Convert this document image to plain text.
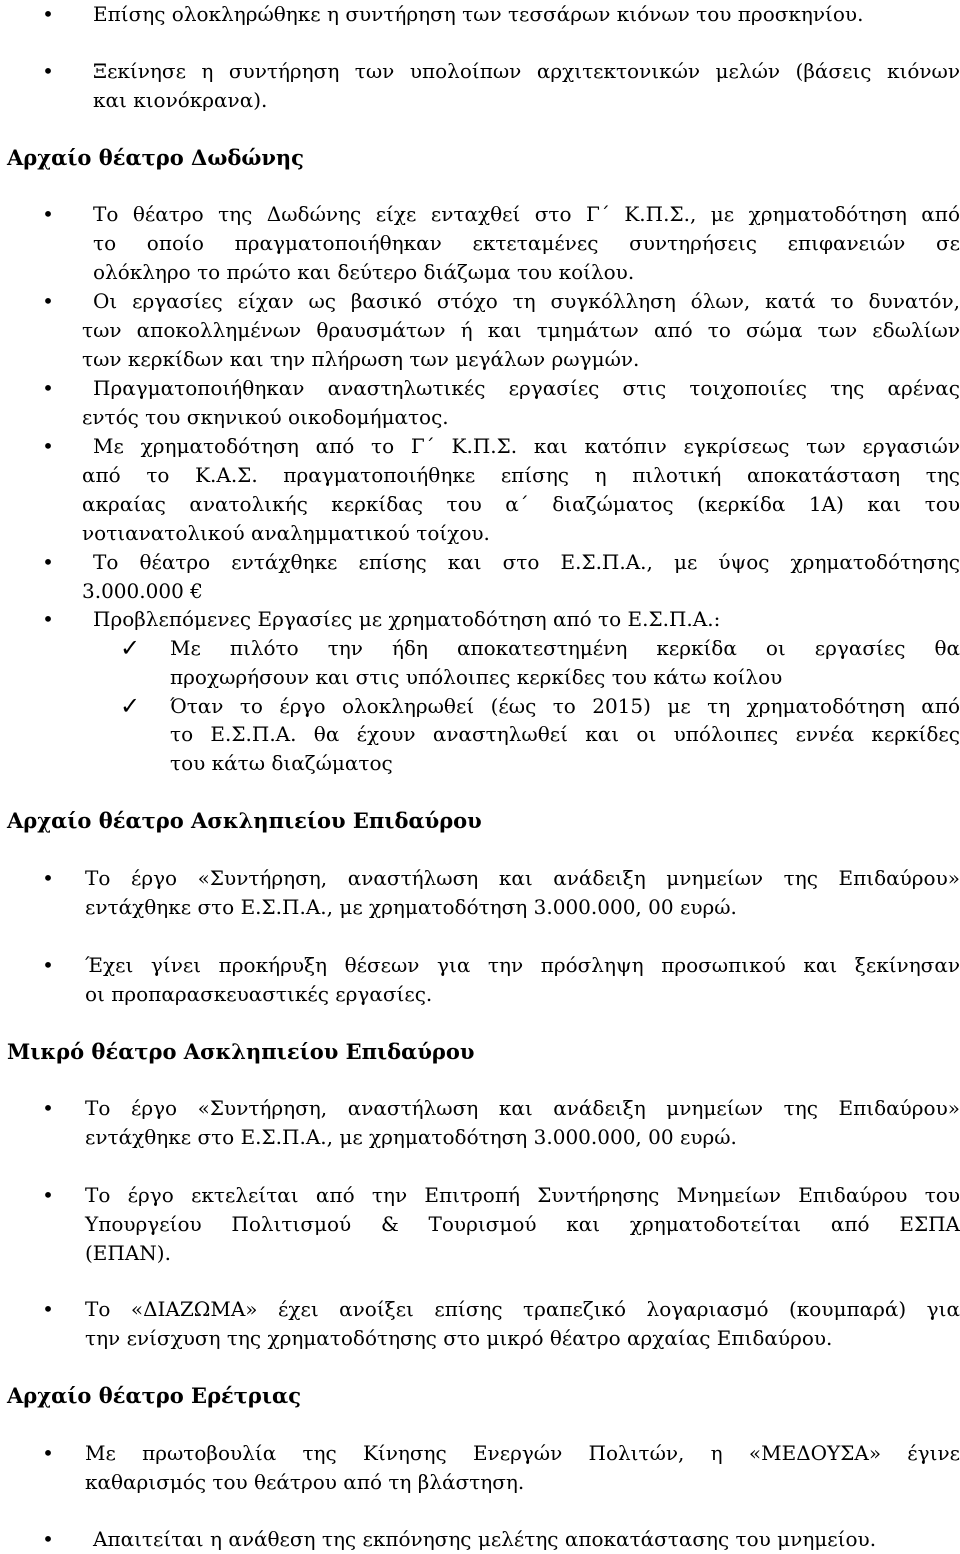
• Επίσης ολοκληρώθηκε η συντήρηση των τεσσάρων κιόνων του προσκηνίου.
• Ξεκίνησε η συντήρηση των υπολοίπων αρχιτεκτονικών μελών (βάσεις κιόνων
και κιονόκρανα).
Αρχαίο θέατρο Δωδώνης
• Το θέατρο της Δωδώνης είχε ενταχθεί στο Γ΄ Κ.Π.Σ., με χρηματοδότηση από
το οποίο πραγματοποιήθηκαν εκτεταμένες συντηρήσεις επιφανειών σε
ολόκληρο το πρώτο και δεύτερο διάζωμα του κοίλου.
• Οι εργασίες είχαν ως βασικό στόχο τη συγκόλληση όλων, κατά το δυνατόν,
των αποκολλημένων θραυσμάτων ή και τμημάτων από το σώμα των εδωλίων
των κερκίδων και την πλήρωση των μεγάλων ρωγμών.
• Πραγματοποιήθηκαν αναστηλωτικές εργασίες στις τοιχοποιίες της αρένας
εντός του σκηνικού οικοδομήματος.
• Με χρηματοδότηση από το Γ΄ Κ.Π.Σ. και κατόπιν εγκρίσεως των εργασιών
από το Κ.Α.Σ. πραγματοποιήθηκε επίσης η πιλοτική αποκατάσταση της
ακραίας ανατολικής κερκίδας του α΄ διαζώματος (κερκίδα 1Α) και του
νοτιανατολικού αναλημματικού τοίχου.
• Το θέατρο εντάχθηκε επίσης και στο Ε.Σ.Π.Α., με ύψος χρηματοδότησης
3.000.000 €
• Προβλεπόμενες Εργασίες με χρηματοδότηση από το Ε.Σ.Π.Α.:
✓ Με πιλότο την ήδη αποκατεστημένη κερκίδα οι εργασίες θα
προχωρήσουν και στις υπόλοιπες κερκίδες του κάτω κοίλου
✓ Όταν το έργο ολοκληρωθεί (έως το 2015) με τη χρηματοδότηση από
το Ε.Σ.Π.Α. θα έχουν αναστηλωθεί και οι υπόλοιπες εννέα κερκίδες
του κάτω διαζώματος
Αρχαίο θέατρο Ασκληπιείου Επιδαύρου
• Το έργο «Συντήρηση, αναστήλωση και ανάδειξη μνημείων της Επιδαύρου»
εντάχθηκε στο Ε.Σ.Π.Α., με χρηματοδότηση 3.000.000, 00 ευρώ.
• Έχει γίνει προκήρυξη θέσεων για την πρόσληψη προσωπικού και ξεκίνησαν
οι προπαρασκευαστικές εργασίες.
Μικρό θέατρο Ασκληπιείου Επιδαύρου
• Το έργο «Συντήρηση, αναστήλωση και ανάδειξη μνημείων της Επιδαύρου»
εντάχθηκε στο Ε.Σ.Π.Α., με χρηματοδότηση 3.000.000, 00 ευρώ.
• Το έργο εκτελείται από την Επιτροπή Συντήρησης Μνημείων Επιδαύρου του
Υπουργείου Πολιτισμού & Τουρισμού και χρηματοδοτείται από ΕΣΠΑ
(ΕΠΑΝ).
• Το «ΔΙΑΖΩΜΑ» έχει ανοίξει επίσης τραπεζικό λογαριασμό (κουμπαρά) για
την ενίσχυση της χρηματοδότησης στο μικρό θέατρο αρχαίας Επιδαύρου.
Αρχαίο θέατρο Ερέτριας
• Με πρωτοβουλία της Κίνησης Ενεργών Πολιτών, η «ΜΕΔΟΥΣΑ» έγινε
καθαρισμός του θεάτρου από τη βλάστηση.
• Απαιτείται η ανάθεση της εκπόνησης μελέτης αποκατάστασης του μνημείου.
